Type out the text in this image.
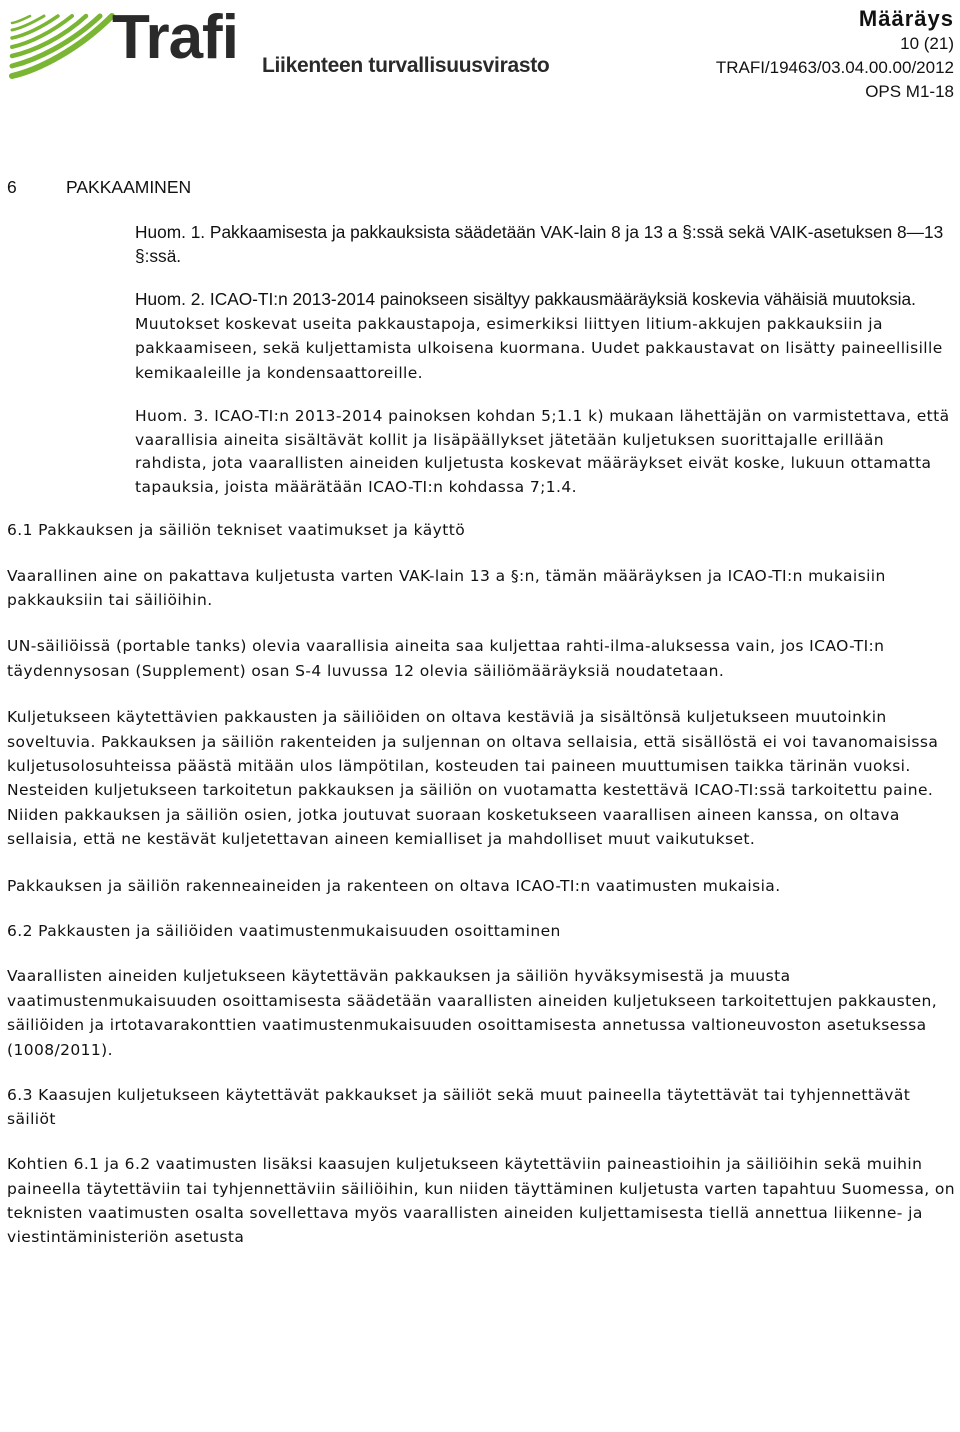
Trafi Liikenteen turvallisuusvirasto
Määräys
10 (21)
TRAFI/19463/03.04.00.00/2012
OPS M1-18
6	PAKKAAMINEN

Huom. 1. Pakkaamisesta ja pakkauksista säädetään VAK-lain 8 ja 13 a §:ssä sekä VAIK-asetuksen 8—13 §:ssä.

Huom. 2. ICAO-TI:n 2013-2014 painokseen sisältyy pakkausmääräyksiä koskevia vähäisiä muutoksia. Muutokset koskevat useita pakkaustapoja, esimerkiksi liittyen litium-akkujen pakkauksiin ja pakkaamiseen, sekä kuljettamista ulkoisena kuormana. Uudet pakkaustavat on lisätty paineellisille kemikaaleille ja kondensaattoreille.

Huom. 3. ICAO-TI:n 2013-2014 painoksen kohdan 5;1.1 k) mukaan lähettäjän on varmistettava, että vaarallisia aineita sisältävät kollit ja lisäpäällykset jätetään kuljetuksen suorittajalle erillään rahdista, jota vaarallisten aineiden kuljetusta koskevat määräykset eivät koske, lukuun ottamatta tapauksia, joista määrätään ICAO-TI:n kohdassa 7;1.4.

6.1 Pakkauksen ja säiliön tekniset vaatimukset ja käyttö

Vaarallinen aine on pakattava kuljetusta varten VAK-lain 13 a §:n, tämän määräyksen ja ICAO-TI:n mukaisiin pakkauksiin tai säiliöihin.

UN-säiliöissä (portable tanks) olevia vaarallisia aineita saa kuljettaa rahti-ilma-aluksessa vain, jos ICAO-TI:n täydennysosan (Supplement) osan S-4 luvussa 12 olevia säiliömääräyksiä noudatetaan.

Kuljetukseen käytettävien pakkausten ja säiliöiden on oltava kestäviä ja sisältönsä kuljetukseen muutoinkin soveltuvia. Pakkauksen ja säiliön rakenteiden ja suljennan on oltava sellaisia, että sisällöstä ei voi tavanomaisissa kuljetusolosuhteissa päästä mitään ulos lämpötilan, kosteuden tai paineen muuttumisen taikka tärinän vuoksi. Nesteiden kuljetukseen tarkoitetun pakkauksen ja säiliön on vuotamatta kestettävä ICAO-TI:ssä tarkoitettu paine. Niiden pakkauksen ja säiliön osien, jotka joutuvat suoraan kosketukseen vaarallisen aineen kanssa, on oltava sellaisia, että ne kestävät kuljetettavan aineen kemialliset ja mahdolliset muut vaikutukset.

Pakkauksen ja säiliön rakenneaineiden ja rakenteen on oltava ICAO-TI:n vaatimusten mukaisia.

6.2 Pakkausten ja säiliöiden vaatimustenmukaisuuden osoittaminen

Vaarallisten aineiden kuljetukseen käytettävän pakkauksen ja säiliön hyväksymisestä ja muusta vaatimustenmukaisuuden osoittamisesta säädetään vaarallisten aineiden kuljetukseen tarkoitettujen pakkausten, säiliöiden ja irtotavarakonttien vaatimustenmukaisuuden osoittamisesta annetussa valtioneuvoston asetuksessa (1008/2011).

6.3 Kaasujen kuljetukseen käytettävät pakkaukset ja säiliöt sekä muut paineella täytettävät tai tyhjennettävät säiliöt

Kohtien 6.1 ja 6.2 vaatimusten lisäksi kaasujen kuljetukseen käytettäviin paineastioihin ja säiliöihin sekä muihin paineella täytettäviin tai tyhjennettäviin säiliöihin, kun niiden täyttäminen kuljetusta varten tapahtuu Suomessa, on teknisten vaatimusten osalta sovellettava myös vaarallisten aineiden kuljettamisesta tiellä annettua liikenne- ja viestintäministeriön asetusta
